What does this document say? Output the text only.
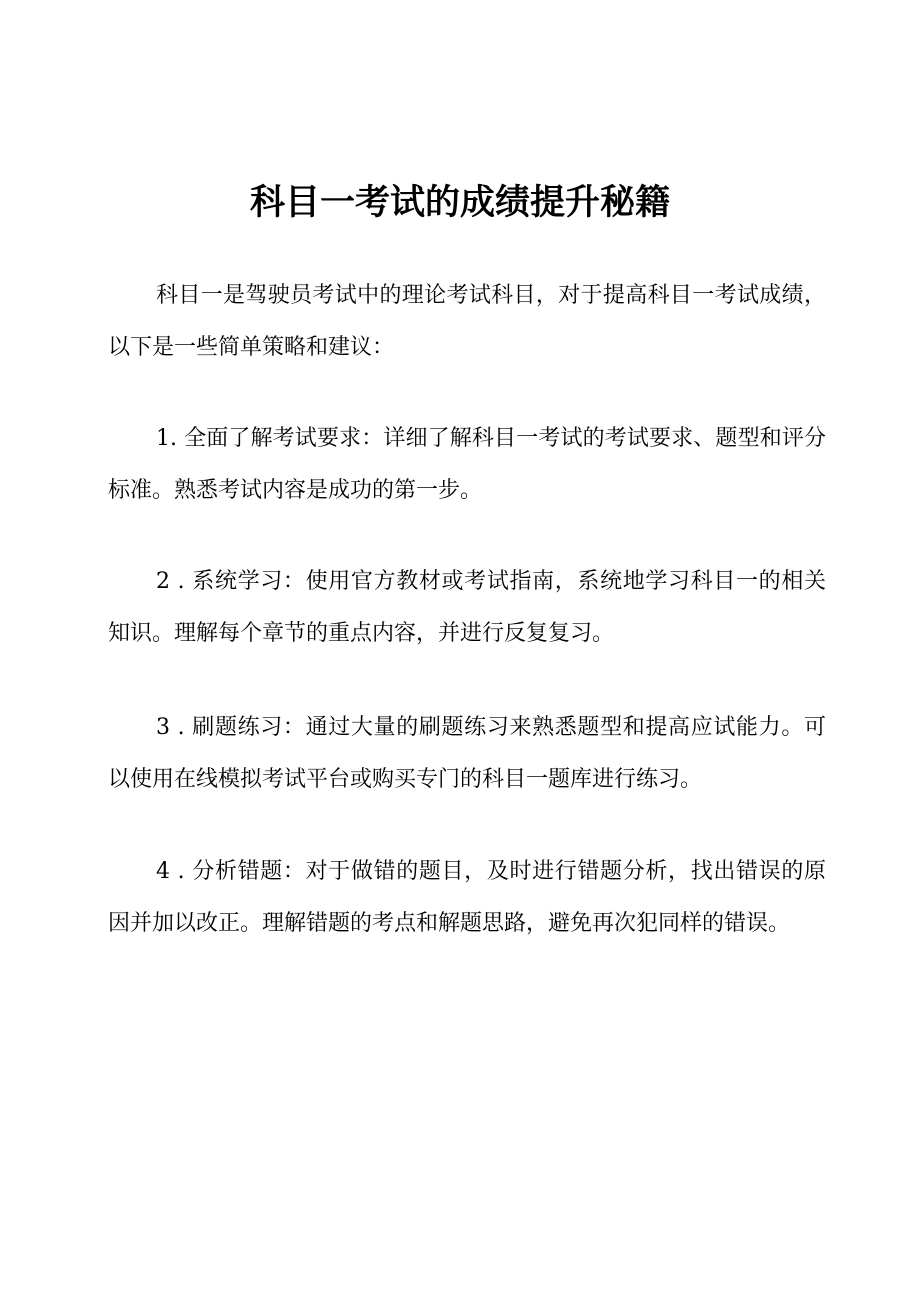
科目一考试的成绩提升秘籍

科目一是驾驶员考试中的理论考试科目，对于提高科目一考试成绩，以下是一些简单策略和建议：

1. 全面了解考试要求：详细了解科目一考试的考试要求、题型和评分标准。熟悉考试内容是成功的第一步。

2 . 系统学习：使用官方教材或考试指南，系统地学习科目一的相关知识。理解每个章节的重点内容，并进行反复复习。

3 . 刷题练习：通过大量的刷题练习来熟悉题型和提高应试能力。可以使用在线模拟考试平台或购买专门的科目一题库进行练习。

4 . 分析错题：对于做错的题目，及时进行错题分析，找出错误的原因并加以改正。理解错题的考点和解题思路，避免再次犯同样的错误。
